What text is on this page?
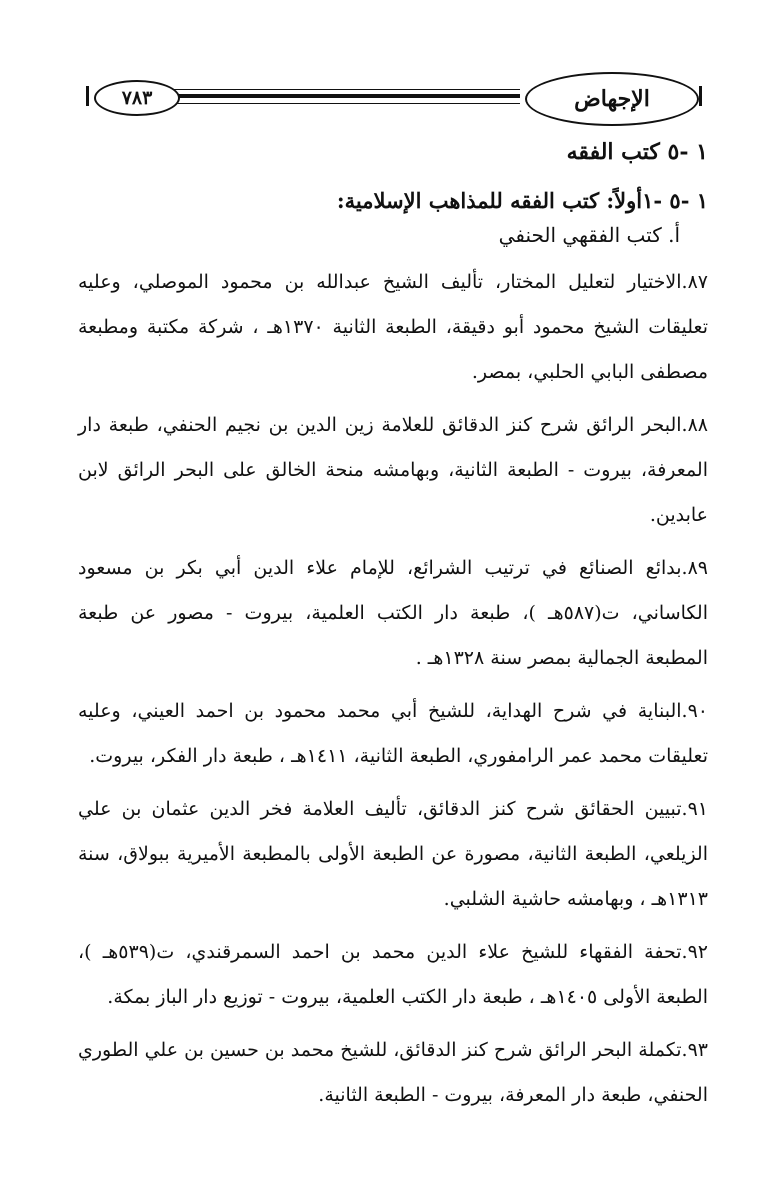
٧٨٣	الإجهاض
١ -٥ كتب الفقه
١ -٥ -١أولاً: كتب الفقه للمذاهب الإسلامية:
أ. كتب الفقهي الحنفي
٨٧.الاختيار لتعليل المختار، تأليف الشيخ عبدالله بن محمود الموصلي، وعليه تعليقات الشيخ محمود أبو دقيقة، الطبعة الثانية ١٣٧٠هـ ، شركة مكتبة ومطبعة مصطفى البابي الحلبي، بمصر.
٨٨.البحر الرائق شرح كنز الدقائق للعلامة زين الدين بن نجيم الحنفي، طبعة دار المعرفة، بيروت - الطبعة الثانية، وبهامشه منحة الخالق على البحر الرائق لابن عابدين.
٨٩.بدائع الصنائع في ترتيب الشرائع، للإمام علاء الدين أبي بكر بن مسعود الكاساني، ت(٥٨٧هـ )، طبعة دار الكتب العلمية، بيروت - مصور عن طبعة المطبعة الجمالية بمصر سنة ١٣٢٨هـ .
٩٠.البناية في شرح الهداية، للشيخ أبي محمد محمود بن احمد العيني، وعليه تعليقات محمد عمر الرامفوري، الطبعة الثانية، ١٤١١هـ ، طبعة دار الفكر، بيروت.
٩١.تبيين الحقائق شرح كنز الدقائق، تأليف العلامة فخر الدين عثمان بن علي الزيلعي، الطبعة الثانية، مصورة عن الطبعة الأولى بالمطبعة الأميرية ببولاق، سنة ١٣١٣هـ ، وبهامشه حاشية الشلبي.
٩٢.تحفة الفقهاء للشيخ علاء الدين محمد بن احمد السمرقندي، ت(٥٣٩هـ )، الطبعة الأولى ١٤٠٥هـ ، طبعة دار الكتب العلمية، بيروت - توزيع دار الباز بمكة.
٩٣.تكملة البحر الرائق شرح كنز الدقائق، للشيخ محمد بن حسين بن علي الطوري الحنفي، طبعة دار المعرفة، بيروت - الطبعة الثانية.
